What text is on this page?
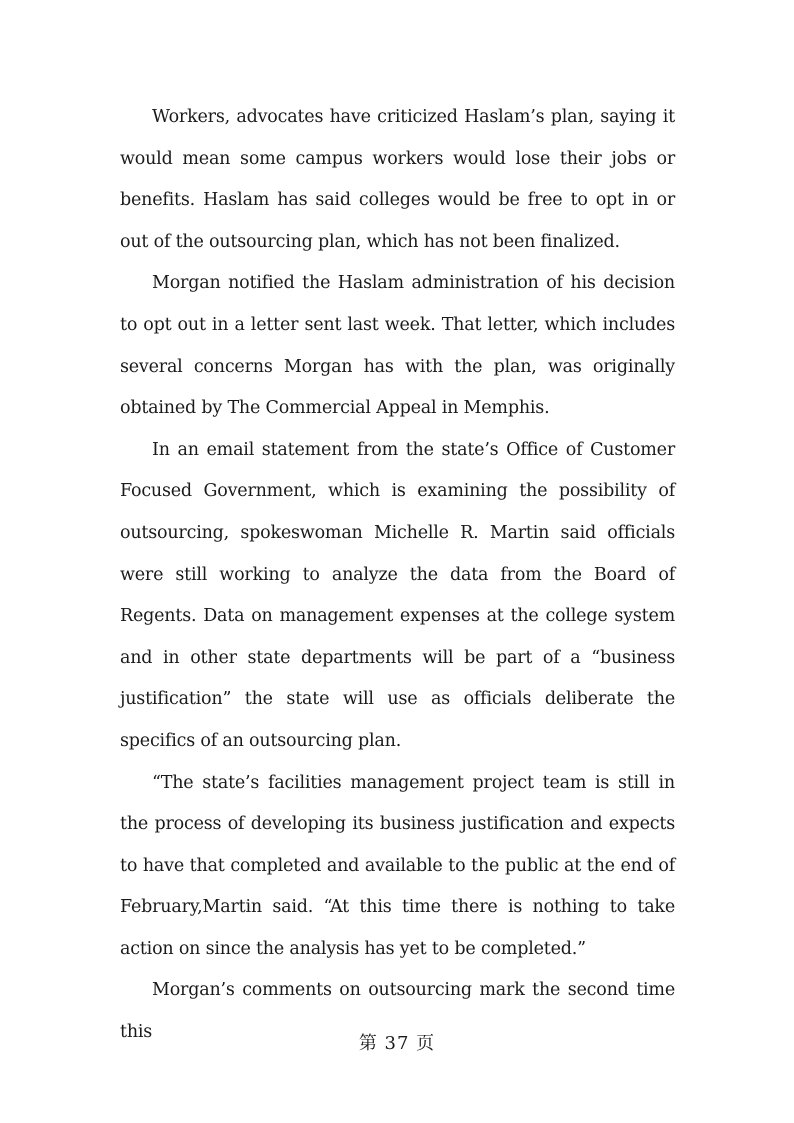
Workers, advocates have criticized Haslam’s plan, saying it would mean some campus workers would lose their jobs or benefits. Haslam has said colleges would be free to opt in or out of the outsourcing plan, which has not been finalized.

Morgan notified the Haslam administration of his decision to opt out in a letter sent last week. That letter, which includes several concerns Morgan has with the plan, was originally obtained by The Commercial Appeal in Memphis.

In an email statement from the state’s Office of Customer Focused Government, which is examining the possibility of outsourcing, spokeswoman Michelle R. Martin said officials were still working to analyze the data from the Board of Regents. Data on management expenses at the college system and in other state departments will be part of a “business justification” the state will use as officials deliberate the specifics of an outsourcing plan.

“The state’s facilities management project team is still in the process of developing its business justification and expects to have that completed and available to the public at the end of February,Martin said. “At this time there is nothing to take action on since the analysis has yet to be completed.”

Morgan’s comments on outsourcing mark the second time this

第 37 页
